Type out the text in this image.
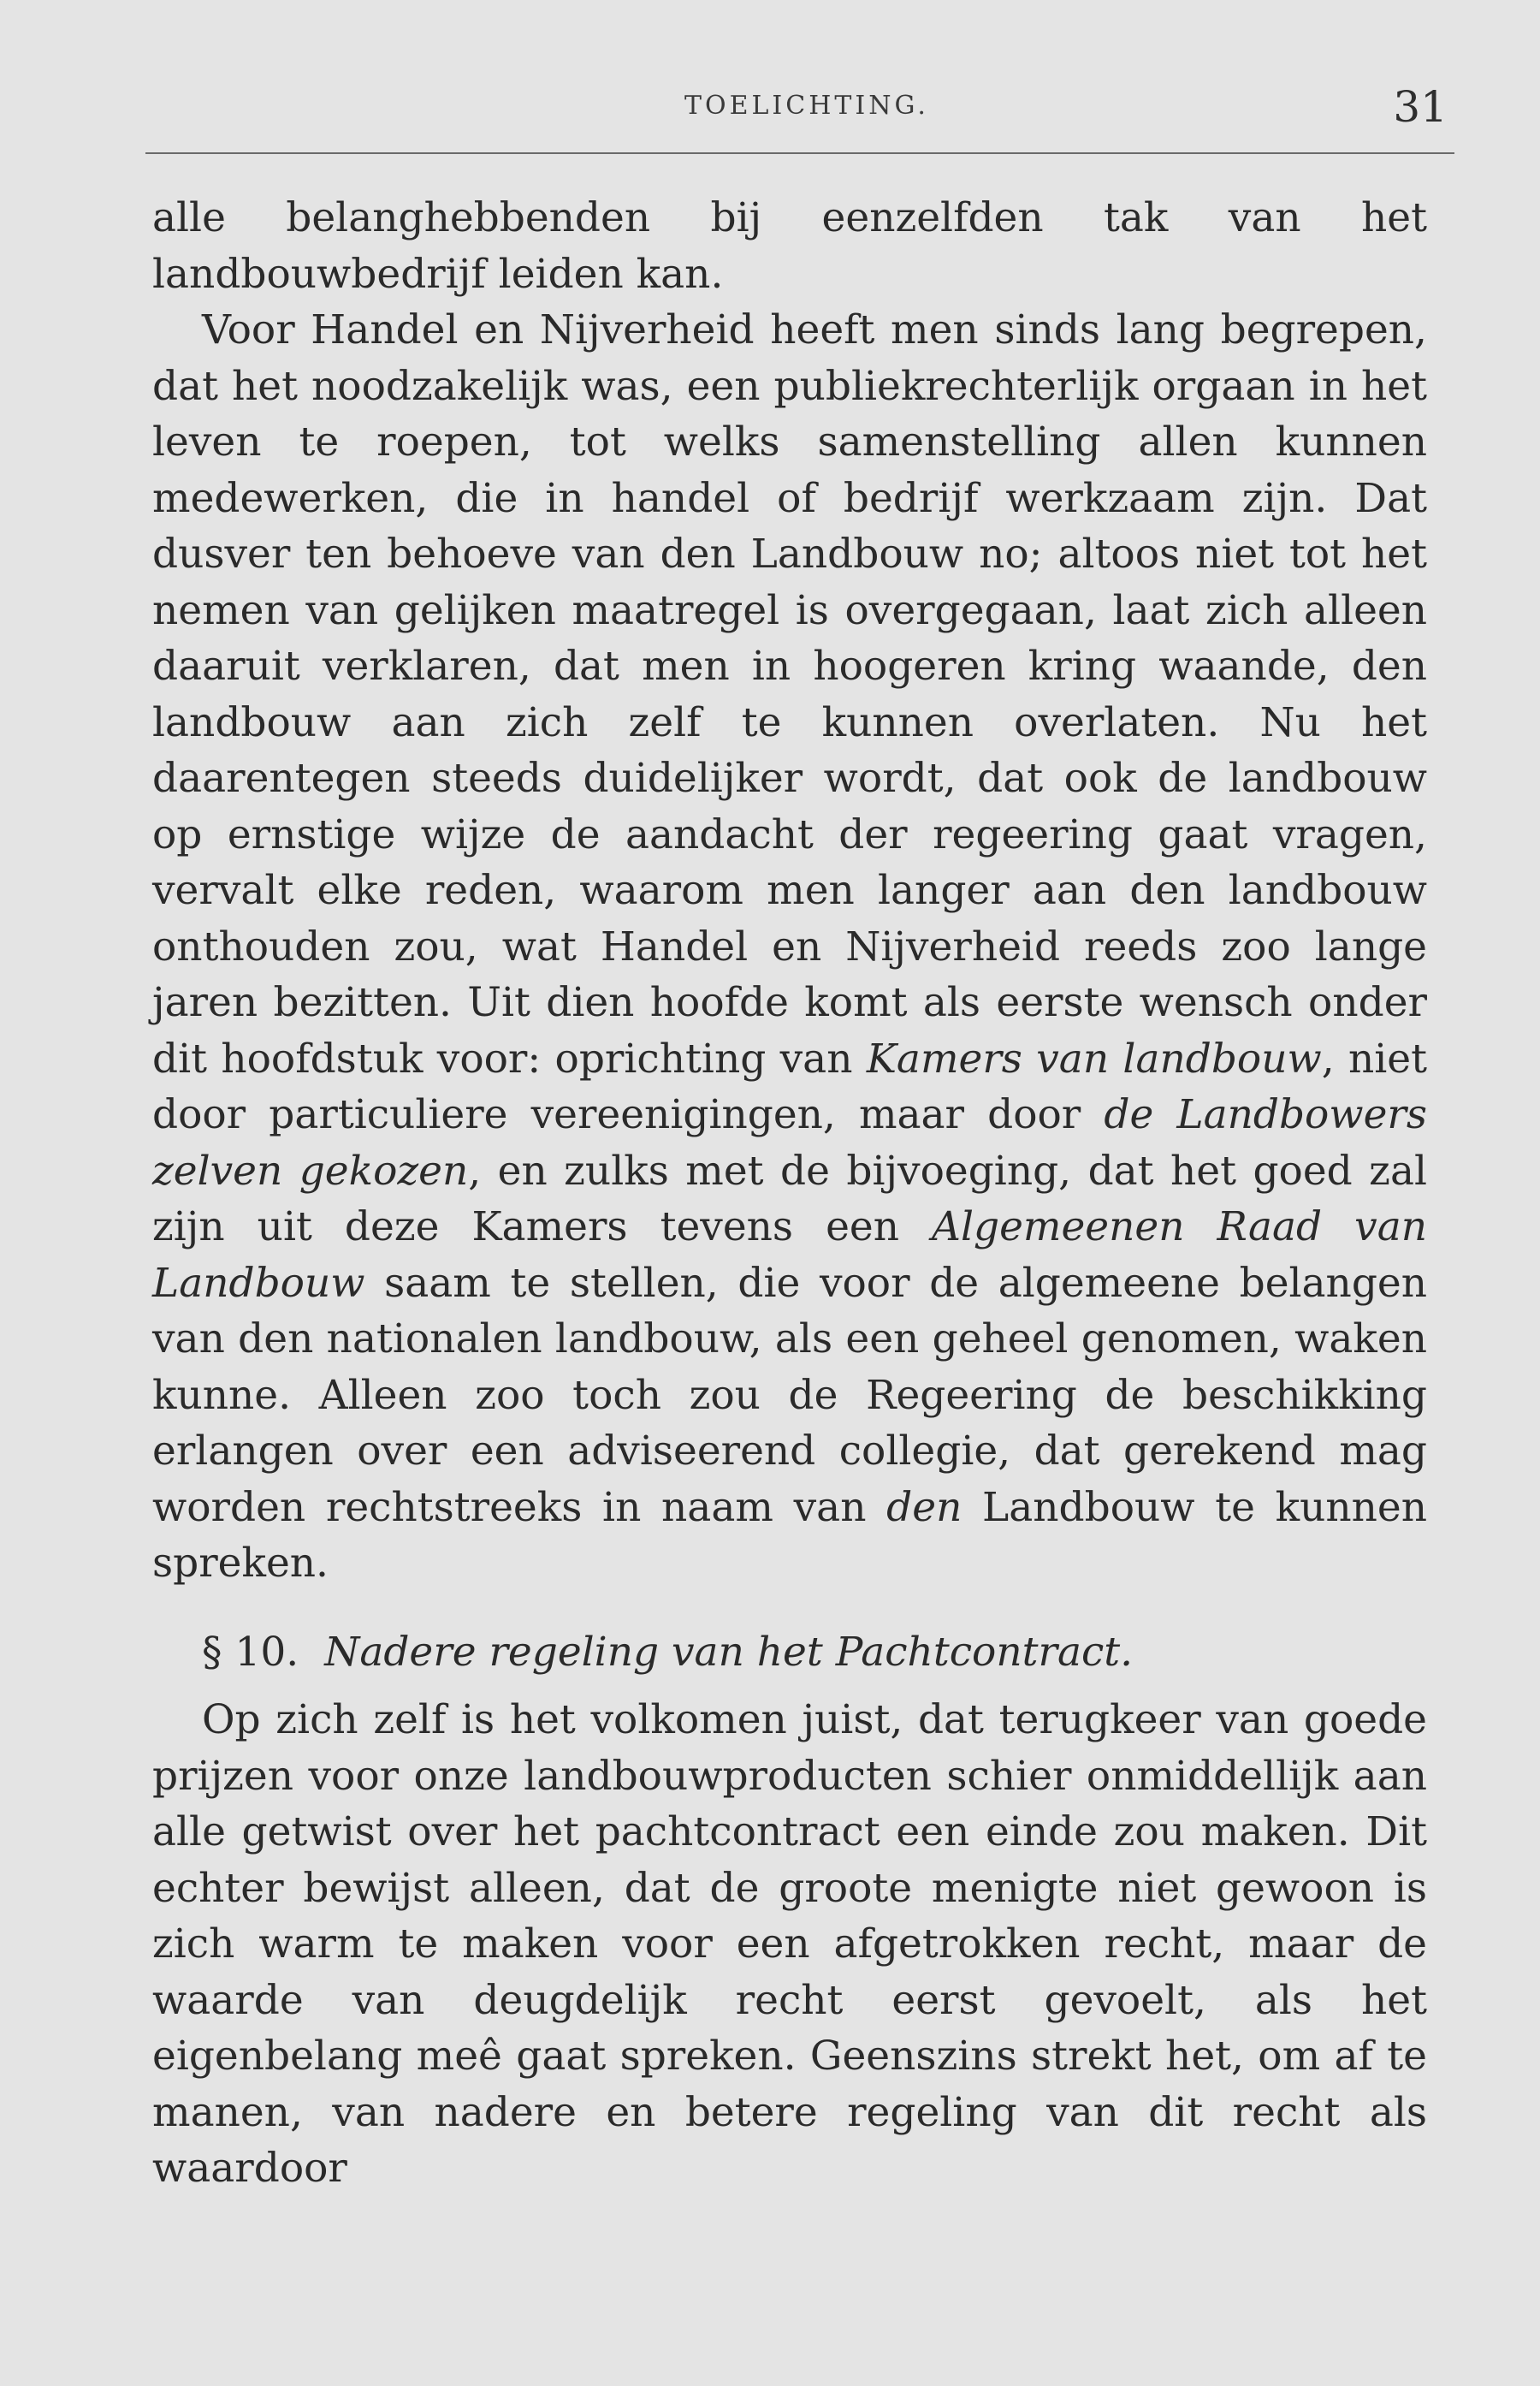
TOELICHTING.	31

alle belanghebbenden bij eenzelfden tak van het landbouwbedrijf leiden kan.

Voor Handel en Nijverheid heeft men sinds lang begrepen, dat het noodzakelijk was, een publiekrechterlijk orgaan in het leven te roepen, tot welks samenstelling allen kunnen medewerken, die in handel of bedrijf werkzaam zijn. Dat dusver ten behoeve van den Landbouw no; altoos niet tot het nemen van gelijken maatregel is overgegaan, laat zich alleen daaruit verklaren, dat men in hoogeren kring waande, den landbouw aan zich zelf te kunnen overlaten. Nu het daarentegen steeds duidelijker wordt, dat ook de landbouw op ernstige wijze de aandacht der regeering gaat vragen, vervalt elke reden, waarom men langer aan den landbouw onthouden zou, wat Handel en Nijverheid reeds zoo lange jaren bezitten. Uit dien hoofde komt als eerste wensch onder dit hoofdstuk voor: oprichting van Kamers van landbouw, niet door particuliere vereenigingen, maar door de Landbowers zelven gekozen, en zulks met de bijvoeging, dat het goed zal zijn uit deze Kamers tevens een Algemeenen Raad van Landbouw saam te stellen, die voor de algemeene belangen van den nationalen landbouw, als een geheel genomen, waken kunne. Alleen zoo toch zou de Regeering de beschikking erlangen over een adviseerend collegie, dat gerekend mag worden rechtstreeks in naam van den Landbouw te kunnen spreken.

§ 10. Nadere regeling van het Pachtcontract.

Op zich zelf is het volkomen juist, dat terugkeer van goede prijzen voor onze landbouwproducten schier onmiddellijk aan alle getwist over het pachtcontract een einde zou maken. Dit echter bewijst alleen, dat de groote menigte niet gewoon is zich warm te maken voor een afgetrokken recht, maar de waarde van deugdelijk recht eerst gevoelt, als het eigenbelang meê gaat spreken. Geenszins strekt het, om af te manen, van nadere en betere regeling van dit recht als waardoor
